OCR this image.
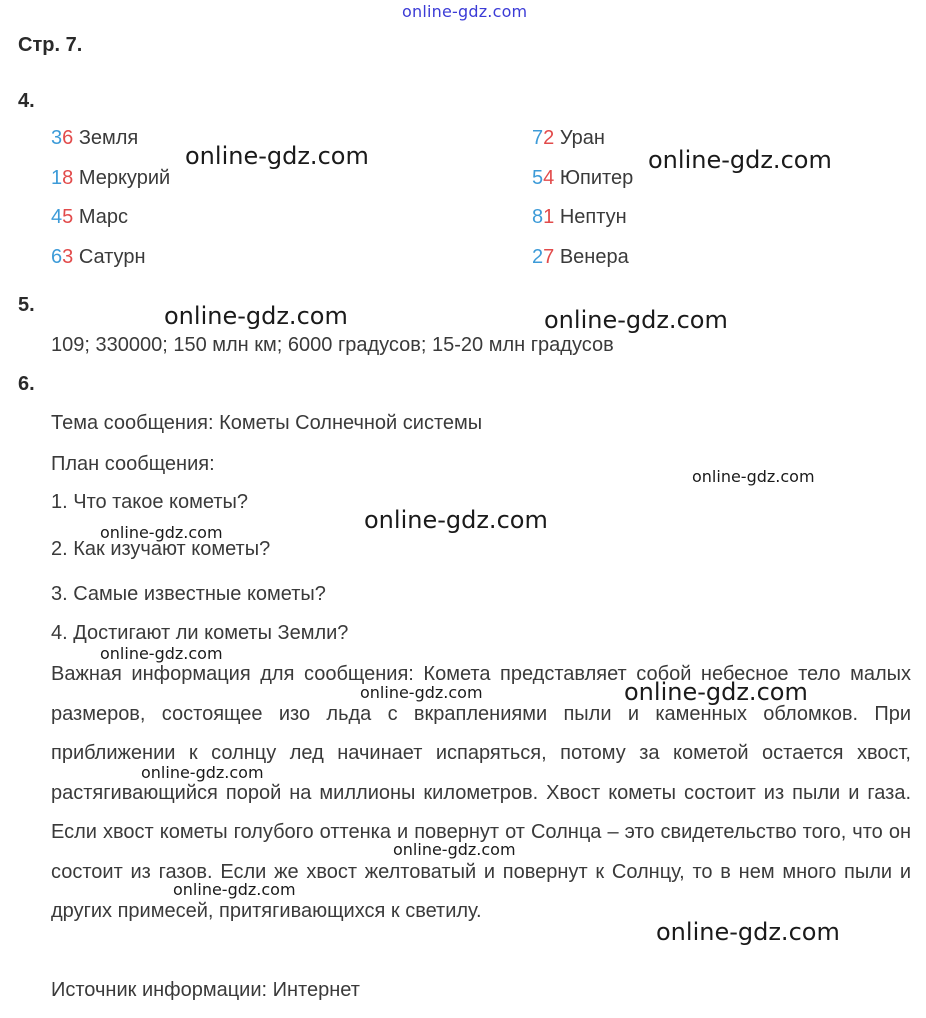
online-gdz.com
Стр. 7.
4.
36 Земля
18 Меркурий
45 Марс
63 Сатурн
72 Уран
54 Юпитер
81 Нептун
27 Венера
5.
109; 330000; 150 млн км; 6000 градусов; 15-20 млн градусов
6.
Тема сообщения: Кометы Солнечной системы
План сообщения:
1. Что такое кометы?
2. Как изучают кометы?
3. Самые известные кометы?
4. Достигают ли кометы Земли?
Важная информация для сообщения: Комета представляет собой небесное тело малых размеров, состоящее изо льда с вкраплениями пыли и каменных обломков. При приближении к солнцу лед начинает испаряться, потому за кометой остается хвост, растягивающийся порой на миллионы километров. Хвост кометы состоит из пыли и газа. Если хвост кометы голубого оттенка и повернут от Солнца – это свидетельство того, что он состоит из газов. Если же хвост желтоватый и повернут к Солнцу, то в нем много пыли и других примесей, притягивающихся к светилу.
Источник информации: Интернет
online-gdz.com	online-gdz.com
online-gdz.com	online-gdz.com
online-gdz.com
online-gdz.com
online-gdz.com
online-gdz.com
online-gdz.com	online-gdz.com
online-gdz.com
online-gdz.com
online-gdz.com
online-gdz.com
